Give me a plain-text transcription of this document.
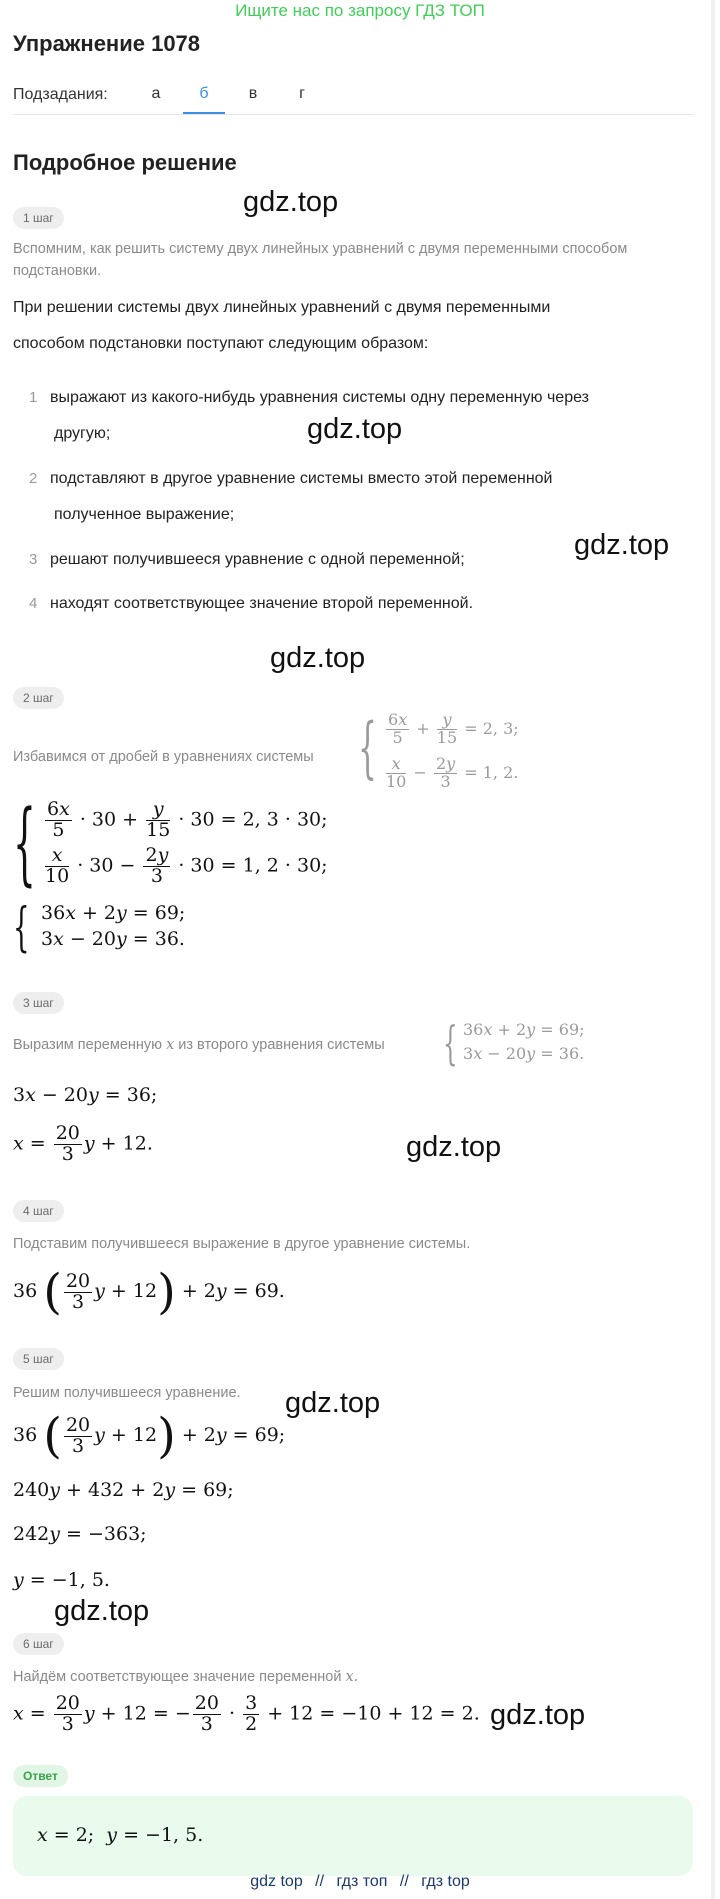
Ищите нас по запросу ГДЗ ТОП
Упражнение 1078
Подзадания:	а	б	в	г
Подробное решение
1 шаг	gdz.top
Вспомним, как решить систему двух линейных уравнений с двумя переменными способом подстановки.
При решении системы двух линейных уравнений с двумя переменными
способом подстановки поступают следующим образом:
1 выражают из какого-нибудь уравнения системы одну переменную через
другую;	gdz.top
2 подставляют в другое уравнение системы вместо этой переменной
полученное выражение;
3 решают получившееся уравнение с одной переменной;	gdz.top
4 находят соответствующее значение второй переменной.
gdz.top
2 шаг
Избавимся от дробей в уравнениях системы { $\frac{6x}{5} + \frac{y}{15} = 2$, 3;
$\frac{x}{10} - \frac{2y}{3} = 1$, 2.
{ $\frac{6x}{5} \cdot 30 + \frac{y}{15} \cdot 30 = 2$, 3 · 30;
$\frac{x}{10} \cdot 30 - \frac{2y}{3} \cdot 30 = 1$, 2 · 30;
{ 36x + 2y = 69;
3x − 20y = 36.
3 шаг
Выразим переменную x из второго уравнения системы { 36x + 2y = 69;
3x − 20y = 36.
3x − 20y = 36;
$x = \frac{20}{3}$ y + 12.	gdz.top
4 шаг
Подставим получившееся выражение в другое уравнение системы.
36 ( $\frac{20}{3}$ y + 12) + 2y = 69.
5 шаг
Решим получившееся уравнение. gdz.top
36 ( $\frac{20}{3}$ y + 12) + 2y = 69;
240y + 432 + 2y = 69;
242y = −363;
y = −1, 5.
gdz.top
6 шаг
Найдём соответствующее значение переменной x.
$x = \frac{20}{3}$ y + 12 = − $\frac{20}{3} \cdot \frac{3}{2} + 12 = -10 + 12 = 2$. gdz.top
Ответ
x = 2;  y = −1, 5.
gdz top // гдз топ // гдз top
